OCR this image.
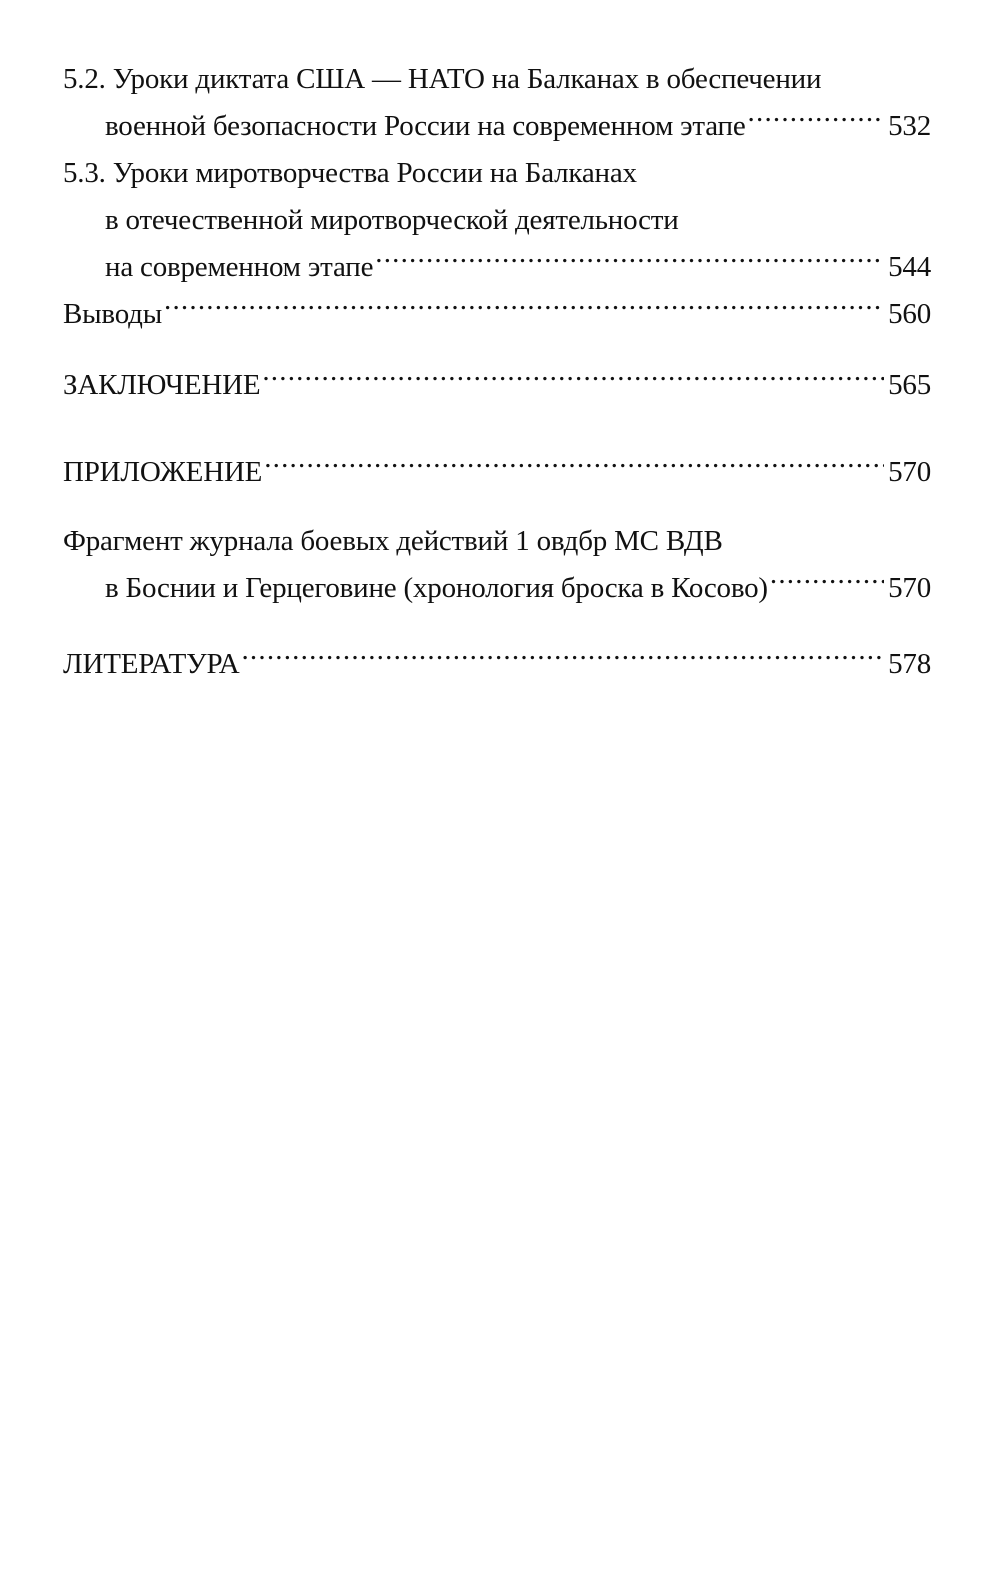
5.2. Уроки диктата США — НАТО на Балканах в обеспечении
военной безопасности России на современном этапе .....	532
5.3. Уроки миротворчества России на Балканах
в отечественной миротворческой деятельности
на современном этапе .....	544
Выводы .....	560
ЗАКЛЮЧЕНИЕ .....	565
ПРИЛОЖЕНИЕ .....	570
Фрагмент журнала боевых действий 1 овдбр МС ВДВ
в Боснии и Герцеговине (хронология броска в Косово) .....	570
ЛИТЕРАТУРА .....	578
